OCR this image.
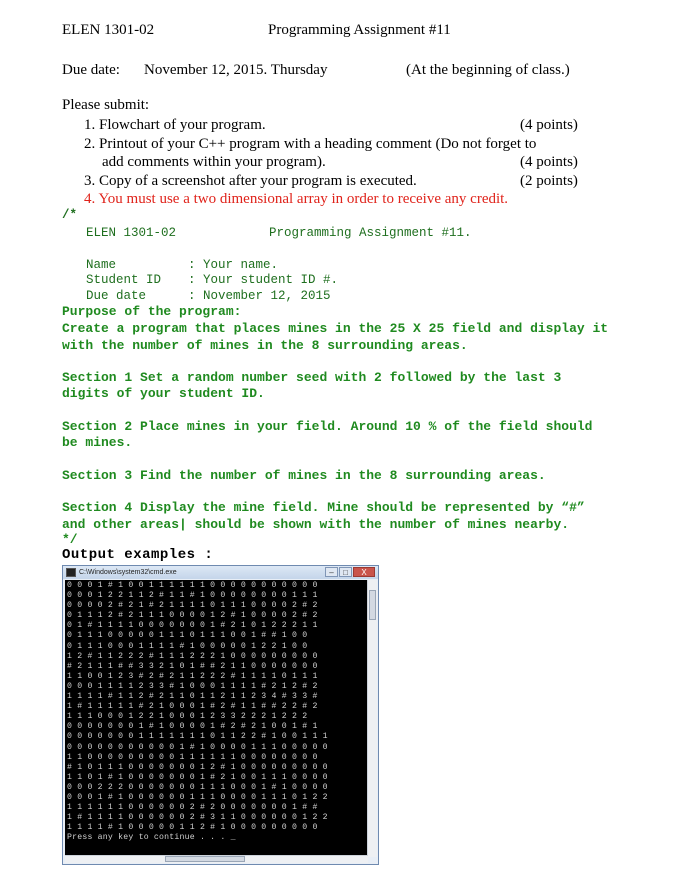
ELEN 1301-02	Programming Assignment #11
Due date: November 12, 2015. Thursday	(At the beginning of class.)
Please submit:
1. Flowchart of your program.	(4 points)
2. Printout of your C++ program with a heading comment (Do not forget to
add comments within your program).	(4 points)
3. Copy of a screenshot after your program is executed.	(2 points)
4. You must use a two dimensional array in order to receive any credit.
/*
ELEN 1301-02	Programming Assignment #11.
Name	: Your name.
Student ID : Your student ID #.
Due date	: November 12, 2015
Purpose of the program:
Create a program that places mines in the 25 X 25 field and display it
with the number of mines in the 8 surrounding areas.
Section 1 Set a random number seed with 2 followed by the last 3
digits of your student ID.
Section 2 Place mines in your field. Around 10 % of the field should
be mines.
Section 3 Find the number of mines in the 8 surrounding areas.
Section 4 Display the mine field. Mine should be represented by “#”
and other areas| should be shown with the number of mines nearby.
*/
Output examples :
C:\Windows\system32\cmd.exe	–	□	X
0 0 0 1 # 1 0 0 1 1 1 1 1 1 0 0 0 0 0 0 0 0 0 0 0
0 0 0 1 2 2 1 1 2 # 1 1 # 1 0 0 0 0 0 0 0 0 1 1 1
0 0 0 0 2 # 2 1 # 2 1 1 1 1 0 1 1 1 0 0 0 0 2 # 2
0 1 1 1 2 # 2 1 1 1 0 0 0 0 1 2 # 1 0 0 0 0 2 # 2
0 1 # 1 1 1 1 0 0 0 0 0 0 0 1 # 2 1 0 1 2 2 2 1 1
0 1 1 1 0 0 0 0 0 1 1 1 0 1 1 1 0 0 1 # # 1 0 0
0 1 1 1 0 0 0 1 1 1 1 # 1 0 0 0 0 0 1 2 2 1 0 0
1 2 # 1 1 2 2 2 # 1 1 1 2 2 2 1 0 0 0 0 0 0 0 0 0
# 2 1 1 1 # # 3 3 2 1 0 1 # # 2 1 1 0 0 0 0 0 0 0
1 1 0 0 1 2 3 # 2 # 2 1 1 2 2 2 # 1 1 1 1 0 1 1 1
0 0 0 1 1 1 1 2 3 3 # 1 0 0 0 1 1 1 1 # 2 1 2 # 2
1 1 1 1 # 1 1 2 # 2 1 1 0 1 1 2 1 1 2 3 4 # 3 3 #
1 # 1 1 1 1 1 # 2 1 0 0 0 1 # 2 # 1 1 # # 2 2 # 2
1 1 1 0 0 0 1 2 2 1 0 0 0 1 2 3 3 2 2 2 1 2 2 2
0 0 0 0 0 0 0 1 # 1 0 0 0 0 1 # 2 # 2 1 0 0 1 # 1
0 0 0 0 0 0 0 1 1 1 1 1 1 1 0 1 1 2 2 # 1 0 0 1 1 1
0 0 0 0 0 0 0 0 0 0 0 1 # 1 0 0 0 0 1 1 1 0 0 0 0 0
1 1 0 0 0 0 0 0 0 0 0 1 1 1 1 1 1 0 0 0 0 0 0 0 0
# 1 0 1 1 1 0 0 0 0 0 0 0 1 2 # 1 0 0 0 0 0 0 0 0 0
1 1 0 1 # 1 0 0 0 0 0 0 0 1 # 2 1 0 0 1 1 1 0 0 0 0
0 0 0 2 2 2 0 0 0 0 0 0 0 1 1 1 0 0 0 1 # 1 0 0 0 0
0 0 0 1 # 1 0 0 0 0 0 0 1 1 1 0 0 0 0 1 1 1 0 1 2 2
1 1 1 1 1 1 0 0 0 0 0 0 2 # 2 0 0 0 0 0 0 0 1 # #
1 # 1 1 1 1 0 0 0 0 0 0 2 # 3 1 1 0 0 0 0 0 0 1 2 2
1 1 1 1 # 1 0 0 0 0 0 1 1 2 # 1 0 0 0 0 0 0 0 0 0
Press any key to continue . . . _
